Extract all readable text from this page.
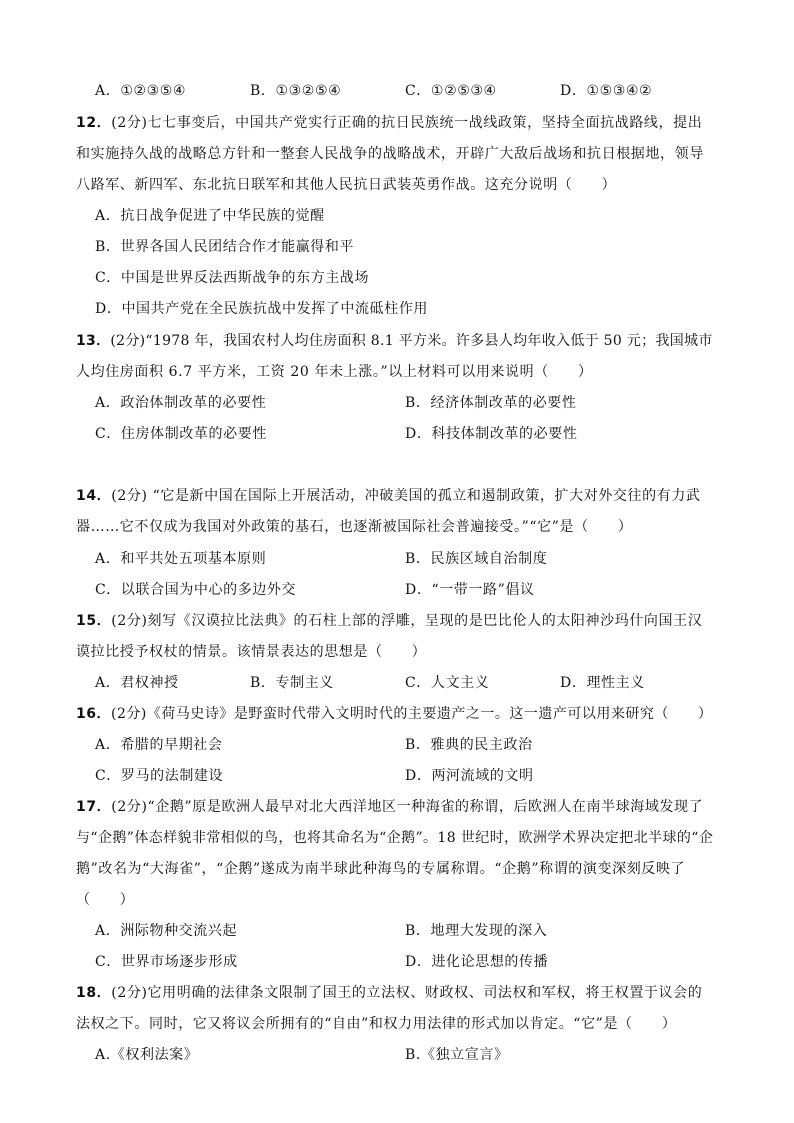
A．①②③⑤④	B．①③②⑤④	C．①②⑤③④	D．①⑤③④②
12．(2分)七七事变后，中国共产党实行正确的抗日民族统一战线政策，坚持全面抗战路线，提出
和实施持久战的战略总方针和一整套人民战争的战略战术，开辟广大敌后战场和抗日根据地，领导
八路军、新四军、东北抗日联军和其他人民抗日武装英勇作战。这充分说明（　　）
A．抗日战争促进了中华民族的觉醒
B．世界各国人民团结合作才能赢得和平
C．中国是世界反法西斯战争的东方主战场
D．中国共产党在全民族抗战中发挥了中流砥柱作用
13．(2分)“1978 年，我国农村人均住房面积 8.1 平方米。许多县人均年收入低于 50 元；我国城市
人均住房面积 6.7 平方米，工资 20 年未上涨。”以上材料可以用来说明（　　）
A．政治体制改革的必要性	B．经济体制改革的必要性
C．住房体制改革的必要性	D．科技体制改革的必要性
14．(2分) “它是新中国在国际上开展活动，冲破美国的孤立和遏制政策，扩大对外交往的有力武
器……它不仅成为我国对外政策的基石，也逐渐被国际社会普遍接受。”“它”是（　　）
A．和平共处五项基本原则	B．民族区域自治制度
C．以联合国为中心的多边外交	D．“一带一路”倡议
15．(2分)刻写《汉谟拉比法典》的石柱上部的浮雕，呈现的是巴比伦人的太阳神沙玛什向国王汉
谟拉比授予权杖的情景。该情景表达的思想是（　　）
A．君权神授	B．专制主义	C．人文主义	D．理性主义
16．(2分)《荷马史诗》是野蛮时代带入文明时代的主要遗产之一。这一遗产可以用来研究（　　）
A．希腊的早期社会	B．雅典的民主政治
C．罗马的法制建设	D．两河流域的文明
17．(2分)“企鹅”原是欧洲人最早对北大西洋地区一种海雀的称谓，后欧洲人在南半球海域发现了
与“企鹅”体态样貌非常相似的鸟，也将其命名为“企鹅”。18 世纪时，欧洲学术界决定把北半球的“企
鹅”改名为“大海雀”，“企鹅”遂成为南半球此种海鸟的专属称谓。“企鹅”称谓的演变深刻反映了
（　　）
A．洲际物种交流兴起	B．地理大发现的深入
C．世界市场逐步形成	D．进化论思想的传播
18．(2分)它用明确的法律条文限制了国王的立法权、财政权、司法权和军权，将王权置于议会的
法权之下。同时，它又将议会所拥有的“自由”和权力用法律的形式加以肯定。“它”是（　　）
A.《权利法案》	B.《独立宣言》
